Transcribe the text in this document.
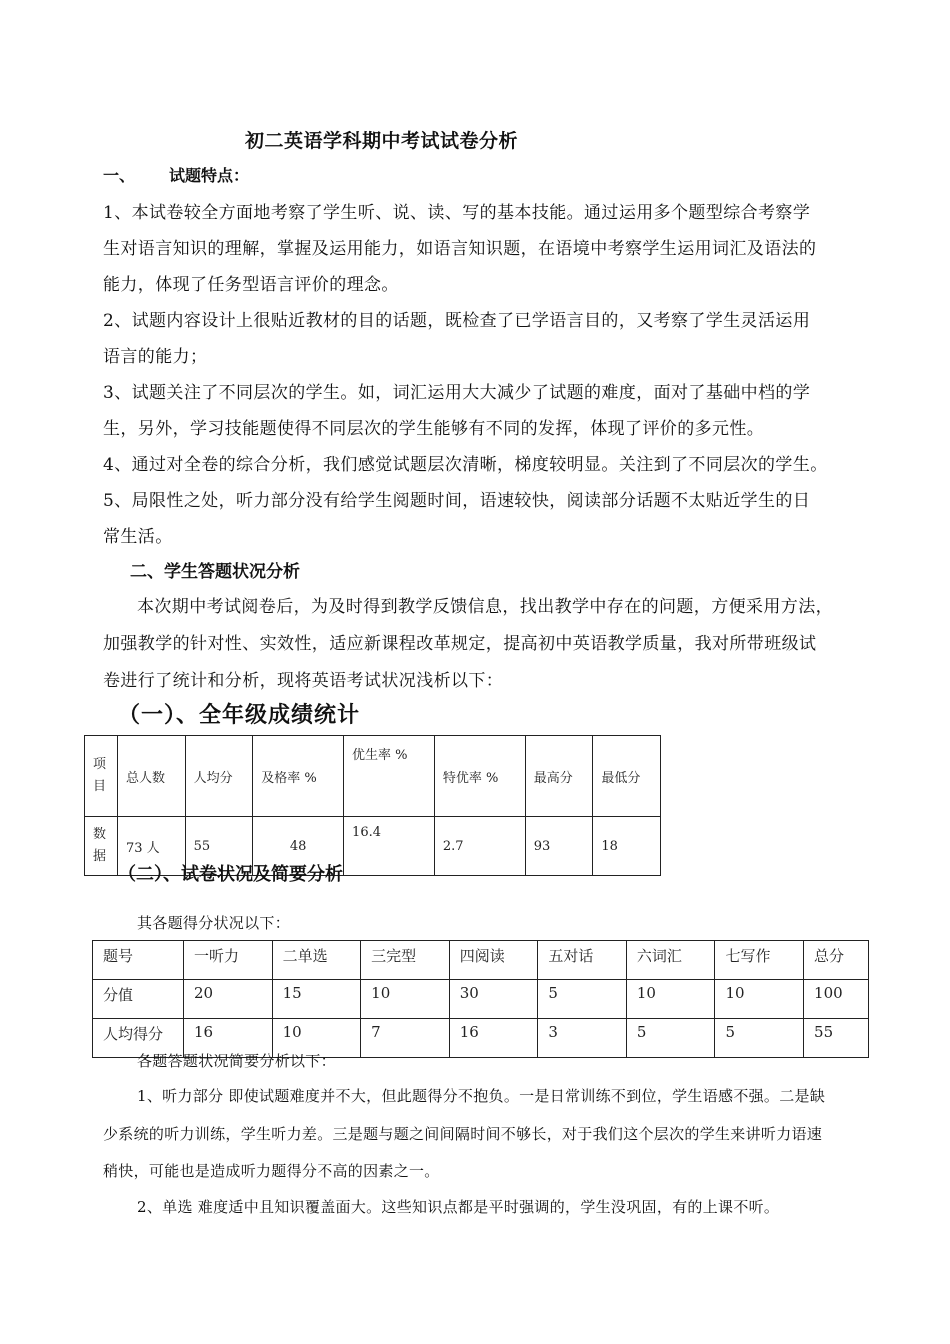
初二英语学科期中考试试卷分析
一、 试题特点：
1、本试卷较全方面地考察了学生听、说、读、写的基本技能。通过运用多个题型综合考察学
生对语言知识的理解，掌握及运用能力，如语言知识题，在语境中考察学生运用词汇及语法的
能力，体现了任务型语言评价的理念。
2、试题内容设计上很贴近教材的目的话题，既检查了已学语言目的，又考察了学生灵活运用
语言的能力；
3、试题关注了不同层次的学生。如，词汇运用大大减少了试题的难度，面对了基础中档的学
生，另外，学习技能题使得不同层次的学生能够有不同的发挥，体现了评价的多元性。
4、通过对全卷的综合分析，我们感觉试题层次清晰，梯度较明显。关注到了不同层次的学生。
5、局限性之处，听力部分没有给学生阅题时间，语速较快，阅读部分话题不太贴近学生的日
常生活。
二、学生答题状况分析
本次期中考试阅卷后，为及时得到教学反馈信息，找出教学中存在的问题，方便采用方法，
加强教学的针对性、实效性，适应新课程改革规定，提高初中英语教学质量，我对所带班级试
卷进行了统计和分析，现将英语考试状况浅析以下：
（一）、全年级成绩统计
项目	总人数	人均分	及格率 %	优生率 %	特优率 %	最高分	最低分
数据	73 人	55	48	16.4	2.7	93	18
（二）、试卷状况及简要分析
其各题得分状况以下：
题号	一听力	二单选	三完型	四阅读	五对话	六词汇	七写作	总分
分值	20	15	10	30	5	10	10	100
人均得分	16	10	7	16	3	5	5	55
各题答题状况简要分析以下：
1、听力部分 即使试题难度并不大，但此题得分不抱负。一是日常训练不到位，学生语感不强。二是缺
少系统的听力训练，学生听力差。三是题与题之间间隔时间不够长，对于我们这个层次的学生来讲听力语速
稍快，可能也是造成听力题得分不高的因素之一。
2、单选 难度适中且知识覆盖面大。这些知识点都是平时强调的，学生没巩固，有的上课不听。
